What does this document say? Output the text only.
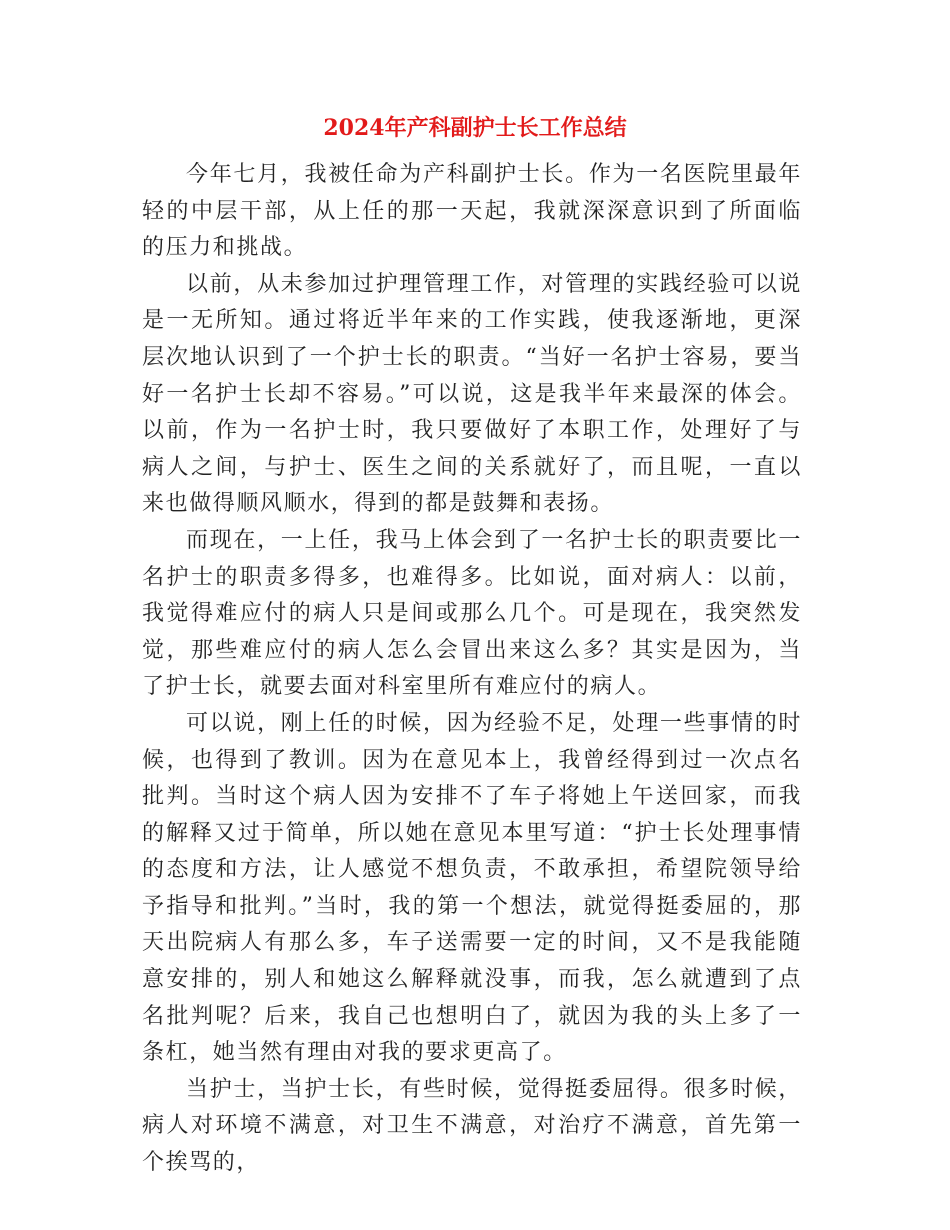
2024年产科副护士长工作总结

今年七月，我被任命为产科副护士长。作为一名医院里最年轻的中层干部，从上任的那一天起，我就深深意识到了所面临的压力和挑战。

以前，从未参加过护理管理工作，对管理的实践经验可以说是一无所知。通过将近半年来的工作实践，使我逐渐地，更深层次地认识到了一个护士长的职责。“当好一名护士容易，要当好一名护士长却不容易。”可以说，这是我半年来最深的体会。以前，作为一名护士时，我只要做好了本职工作，处理好了与病人之间，与护士、医生之间的关系就好了，而且呢，一直以来也做得顺风顺水，得到的都是鼓舞和表扬。

而现在，一上任，我马上体会到了一名护士长的职责要比一名护士的职责多得多，也难得多。比如说，面对病人：以前，我觉得难应付的病人只是间或那么几个。可是现在，我突然发觉，那些难应付的病人怎么会冒出来这么多？其实是因为，当了护士长，就要去面对科室里所有难应付的病人。

可以说，刚上任的时候，因为经验不足，处理一些事情的时候，也得到了教训。因为在意见本上，我曾经得到过一次点名批判。当时这个病人因为安排不了车子将她上午送回家，而我的解释又过于简单，所以她在意见本里写道：“护士长处理事情的态度和方法，让人感觉不想负责，不敢承担，希望院领导给予指导和批判。”当时，我的第一个想法，就觉得挺委屈的，那天出院病人有那么多，车子送需要一定的时间，又不是我能随意安排的，别人和她这么解释就没事，而我，怎么就遭到了点名批判呢？后来，我自己也想明白了，就因为我的头上多了一条杠，她当然有理由对我的要求更高了。

当护士，当护士长，有些时候，觉得挺委屈得。很多时候，病人对环境不满意，对卫生不满意，对治疗不满意，首先第一个挨骂的，
